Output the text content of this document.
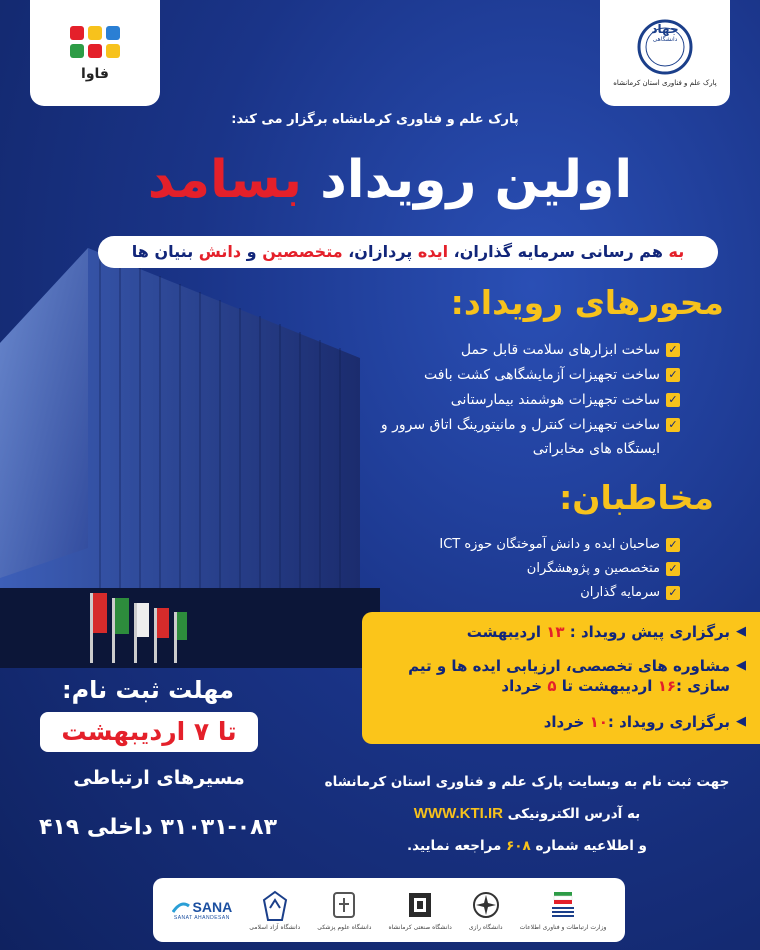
فاوا
جهاد
دانشگاهی
پارک علم و فناوری استان کرمانشاه
پارک علم و فناوری کرمانشاه برگزار می کند:
اولین رویداد بسامد
به هم رسانی سرمایه گذاران، ایده پردازان، متخصصین و دانش بنیان ها
محورهای رویداد:
✓
ساخت ابزارهای سلامت قابل حمل
✓
ساخت تجهیزات آزمایشگاهی کشت بافت
✓
ساخت تجهیزات هوشمند بیمارستانی
✓
ساخت تجهیزات کنترل و مانیتورینگ اتاق سرور و ایستگاه های مخابراتی
مخاطبان:
✓
صاحبان ایده و دانش آموختگان حوزه ICT
✓
متخصصین و پژوهشگران
✓
سرمایه گذاران
◀
برگزاری پیش رویداد : ۱۳ اردیبهشت
◀
مشاوره های تخصصی، ارزیابی ایده ها و تیم سازی :۱۶ اردیبهشت تا ۵ خرداد
◀
برگزاری رویداد :۱۰ خرداد
مهلت ثبت نام:
تا ۷ اردیبهشت
مسیرهای ارتباطی
۳۱۰۳۱-۰۸۳ داخلی ۴۱۹
جهت ثبت نام به وبسایت پارک علم و فناوری استان کرمانشاه
به آدرس الکترونیکی WWW.KTI.IR
و اطلاعیه شماره ۶۰۸ مراجعه نمایید.
SANA
SANAT AHANDESAN
دانشگاه آزاد اسلامی	دانشگاه علوم پزشکی	دانشگاه صنعتی کرمانشاه	دانشگاه رازی	وزارت ارتباطات و فناوری اطلاعات
